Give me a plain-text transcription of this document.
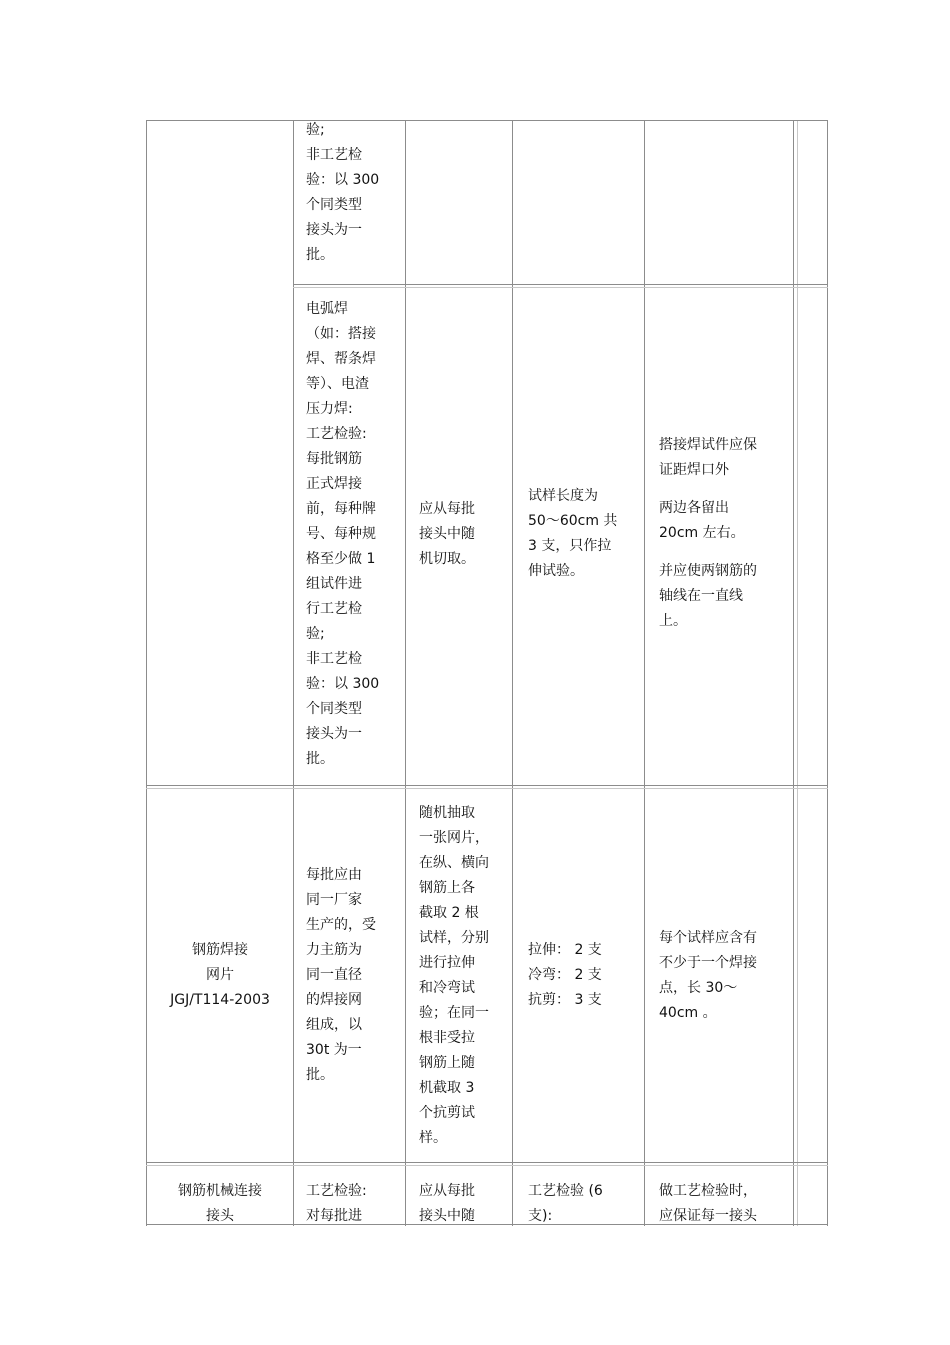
验;
非工艺检
验：以 300
个同类型
接头为一
批。
电弧焊
（如：搭接
焊、帮条焊
等）、电渣
压力焊:
工艺检验:
每批钢筋
正式焊接
前，每种牌
号、每种规
格至少做 1
组试件进
行工艺检
验;
非工艺检
验：以 300
个同类型
接头为一
批。
应从每批
接头中随
机切取。
试样长度为
50～60cm 共
3 支，只作拉
伸试验。
搭接焊试件应保
证距焊口外
两边各留出
20cm 左右。
并应使两钢筋的
轴线在一直线
上。
钢筋焊接
网片
JGJ/T114-2003
每批应由
同一厂家
生产的，受
力主筋为
同一直径
的焊接网
组成，以
30t 为一
批。
随机抽取
一张网片，
在纵、横向
钢筋上各
截取 2 根
试样，分别
进行拉伸
和冷弯试
验；在同一
根非受拉
钢筋上随
机截取 3
个抗剪试
样。
拉伸： 2 支
冷弯： 2 支
抗剪： 3 支
每个试样应含有
不少于一个焊接
点，长 30～
40cm 。
钢筋机械连接
接头
工艺检验:
对每批进
应从每批
接头中随
工艺检验 (6
支):
做工艺检验时，
应保证每一接头
